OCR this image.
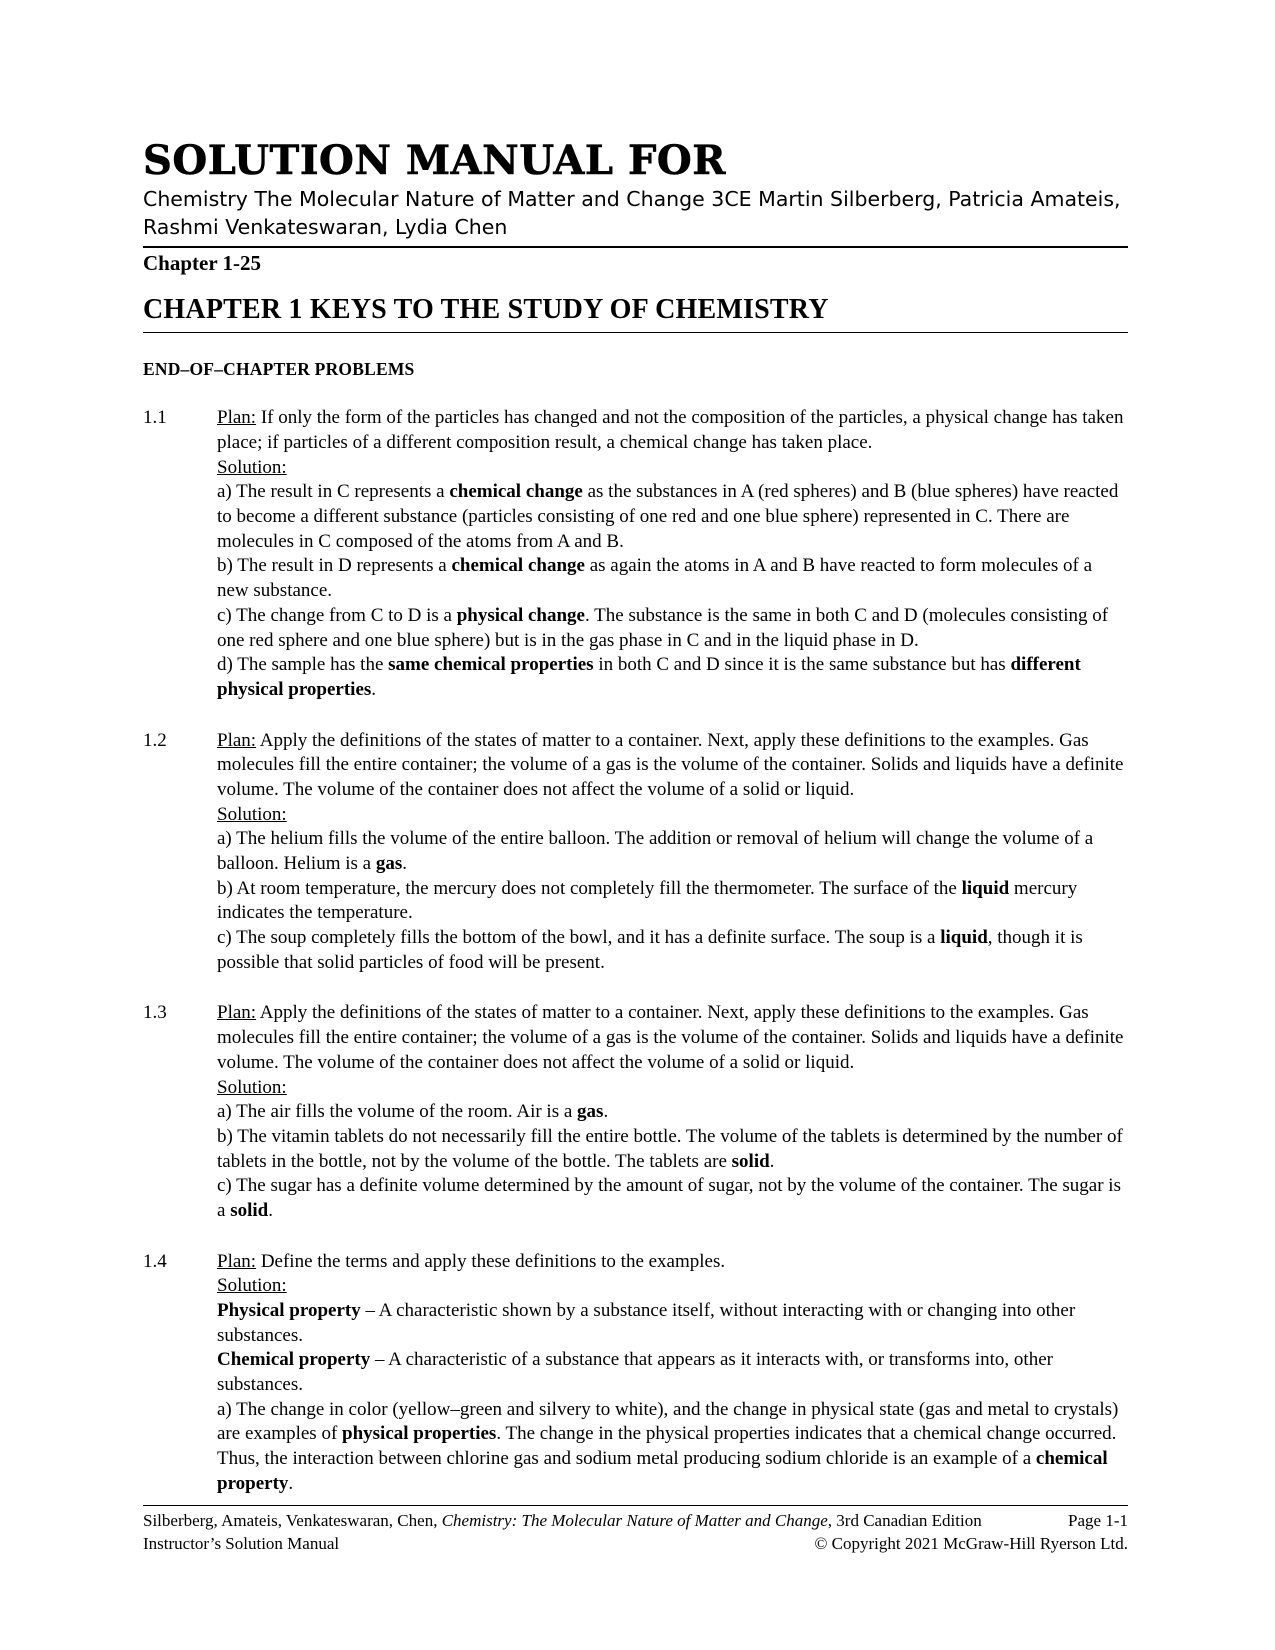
SOLUTION MANUAL FOR
Chemistry The Molecular Nature of Matter and Change 3CE Martin Silberberg, Patricia Amateis, Rashmi Venkateswaran, Lydia Chen
Chapter 1-25
CHAPTER 1 KEYS TO THE STUDY OF CHEMISTRY
END–OF–CHAPTER PROBLEMS
1.1	Plan: If only the form of the particles has changed and not the composition of the particles, a physical change has taken place; if particles of a different composition result, a chemical change has taken place.

Solution:

a) The result in C represents a chemical change as the substances in A (red spheres) and B (blue spheres) have reacted to become a different substance (particles consisting of one red and one blue sphere) represented in C. There are molecules in C composed of the atoms from A and B.

b) The result in D represents a chemical change as again the atoms in A and B have reacted to form molecules of a new substance.

c) The change from C to D is a physical change. The substance is the same in both C and D (molecules consisting of one red sphere and one blue sphere) but is in the gas phase in C and in the liquid phase in D.

d) The sample has the same chemical properties in both C and D since it is the same substance but has different physical properties.

1.2	Plan: Apply the definitions of the states of matter to a container. Next, apply these definitions to the examples. Gas molecules fill the entire container; the volume of a gas is the volume of the container. Solids and liquids have a definite volume. The volume of the container does not affect the volume of a solid or liquid.

Solution:

a) The helium fills the volume of the entire balloon. The addition or removal of helium will change the volume of a balloon. Helium is a gas.

b) At room temperature, the mercury does not completely fill the thermometer. The surface of the liquid mercury indicates the temperature.

c) The soup completely fills the bottom of the bowl, and it has a definite surface. The soup is a liquid, though it is possible that solid particles of food will be present.

1.3	Plan: Apply the definitions of the states of matter to a container. Next, apply these definitions to the examples. Gas molecules fill the entire container; the volume of a gas is the volume of the container. Solids and liquids have a definite volume. The volume of the container does not affect the volume of a solid or liquid.

Solution:

a) The air fills the volume of the room. Air is a gas.

b) The vitamin tablets do not necessarily fill the entire bottle. The volume of the tablets is determined by the number of tablets in the bottle, not by the volume of the bottle. The tablets are solid.

c) The sugar has a definite volume determined by the amount of sugar, not by the volume of the container. The sugar is a solid.

1.4	Plan: Define the terms and apply these definitions to the examples.

Solution:

Physical property – A characteristic shown by a substance itself, without interacting with or changing into other substances.

Chemical property – A characteristic of a substance that appears as it interacts with, or transforms into, other substances.

a) The change in color (yellow–green and silvery to white), and the change in physical state (gas and metal to crystals) are examples of physical properties. The change in the physical properties indicates that a chemical change occurred. Thus, the interaction between chlorine gas and sodium metal producing sodium chloride is an example of a chemical property.

Silberberg, Amateis, Venkateswaran, Chen, Chemistry: The Molecular Nature of Matter and Change, 3rd Canadian Edition	Page 1-1
Instructor’s Solution Manual	© Copyright 2021 McGraw-Hill Ryerson Ltd.
